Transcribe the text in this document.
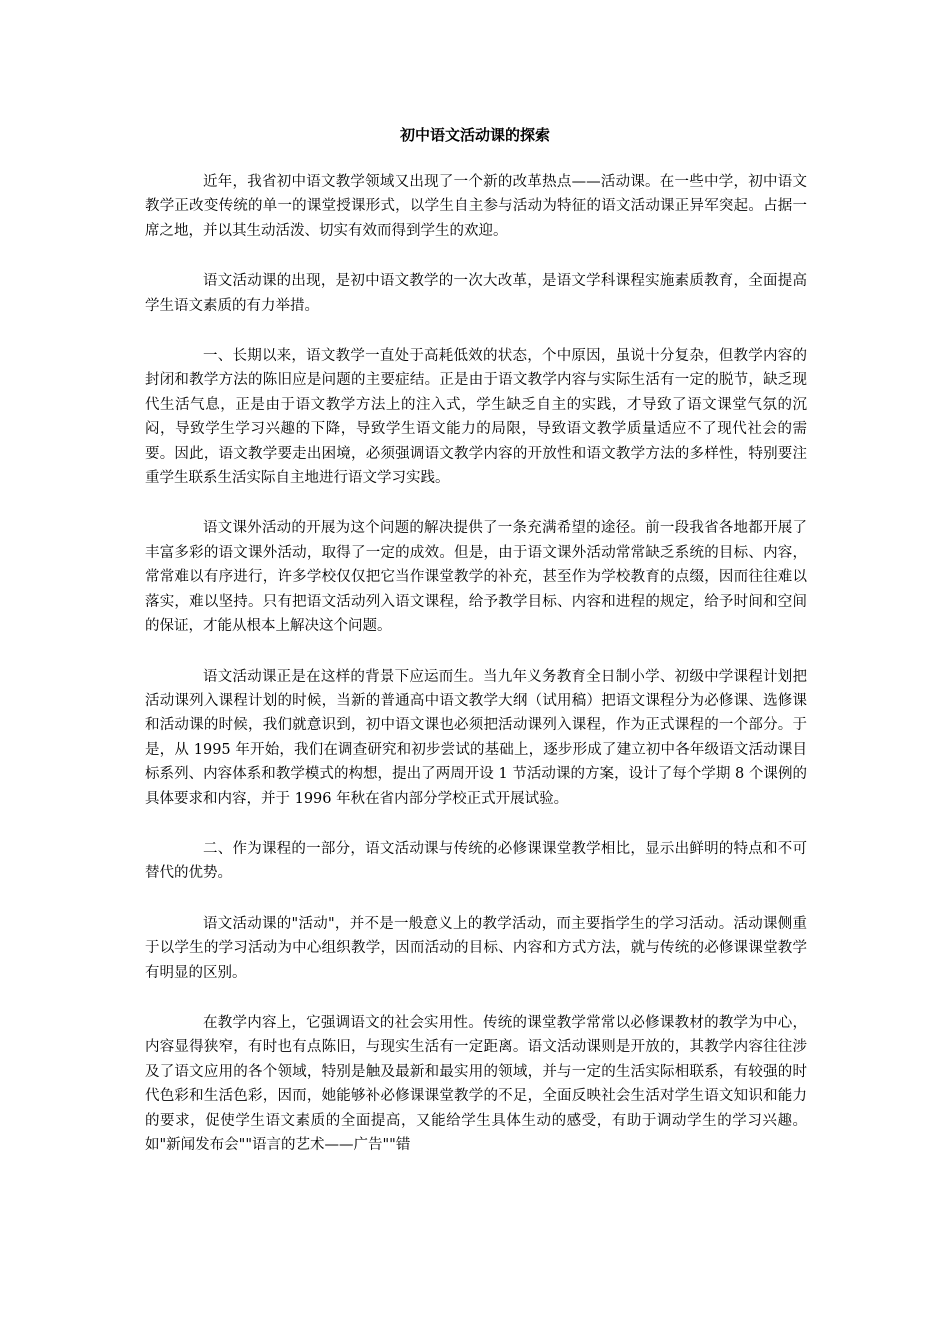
初中语文活动课的探索

近年，我省初中语文教学领域又出现了一个新的改革热点——活动课。在一些中学，初中语文教学正改变传统的单一的课堂授课形式，以学生自主参与活动为特征的语文活动课正异军突起。占据一席之地，并以其生动活泼、切实有效而得到学生的欢迎。

语文活动课的出现，是初中语文教学的一次大改革，是语文学科课程实施素质教育，全面提高学生语文素质的有力举措。

一、长期以来，语文教学一直处于高耗低效的状态，个中原因，虽说十分复杂，但教学内容的封闭和教学方法的陈旧应是问题的主要症结。正是由于语文教学内容与实际生活有一定的脱节，缺乏现代生活气息，正是由于语文教学方法上的注入式，学生缺乏自主的实践，才导致了语文课堂气氛的沉闷，导致学生学习兴趣的下降，导致学生语文能力的局限，导致语文教学质量适应不了现代社会的需要。因此，语文教学要走出困境，必须强调语文教学内容的开放性和语文教学方法的多样性，特别要注重学生联系生活实际自主地进行语文学习实践。

语文课外活动的开展为这个问题的解决提供了一条充满希望的途径。前一段我省各地都开展了丰富多彩的语文课外活动，取得了一定的成效。但是，由于语文课外活动常常缺乏系统的目标、内容，常常难以有序进行，许多学校仅仅把它当作课堂教学的补充，甚至作为学校教育的点缀，因而往往难以落实，难以坚持。只有把语文活动列入语文课程，给予教学目标、内容和进程的规定，给予时间和空间的保证，才能从根本上解决这个问题。

语文活动课正是在这样的背景下应运而生。当九年义务教育全日制小学、初级中学课程计划把活动课列入课程计划的时候，当新的普通高中语文教学大纲（试用稿）把语文课程分为必修课、选修课和活动课的时候，我们就意识到，初中语文课也必须把活动课列入课程，作为正式课程的一个部分。于是，从 1995 年开始，我们在调查研究和初步尝试的基础上，逐步形成了建立初中各年级语文活动课目标系列、内容体系和教学模式的构想，提出了两周开设 1 节活动课的方案，设计了每个学期 8 个课例的具体要求和内容，并于 1996 年秋在省内部分学校正式开展试验。

二、作为课程的一部分，语文活动课与传统的必修课课堂教学相比，显示出鲜明的特点和不可替代的优势。

语文活动课的"活动"，并不是一般意义上的教学活动，而主要指学生的学习活动。活动课侧重于以学生的学习活动为中心组织教学，因而活动的目标、内容和方式方法，就与传统的必修课课堂教学有明显的区别。

在教学内容上，它强调语文的社会实用性。传统的课堂教学常常以必修课教材的教学为中心，内容显得狭窄，有时也有点陈旧，与现实生活有一定距离。语文活动课则是开放的，其教学内容往往涉及了语文应用的各个领域，特别是触及最新和最实用的领域，并与一定的生活实际相联系，有较强的时代色彩和生活色彩，因而，她能够补必修课课堂教学的不足，全面反映社会生活对学生语文知识和能力的要求，促使学生语文素质的全面提高，又能给学生具体生动的感受，有助于调动学生的学习兴趣。如"新闻发布会""语言的艺术——广告""错
